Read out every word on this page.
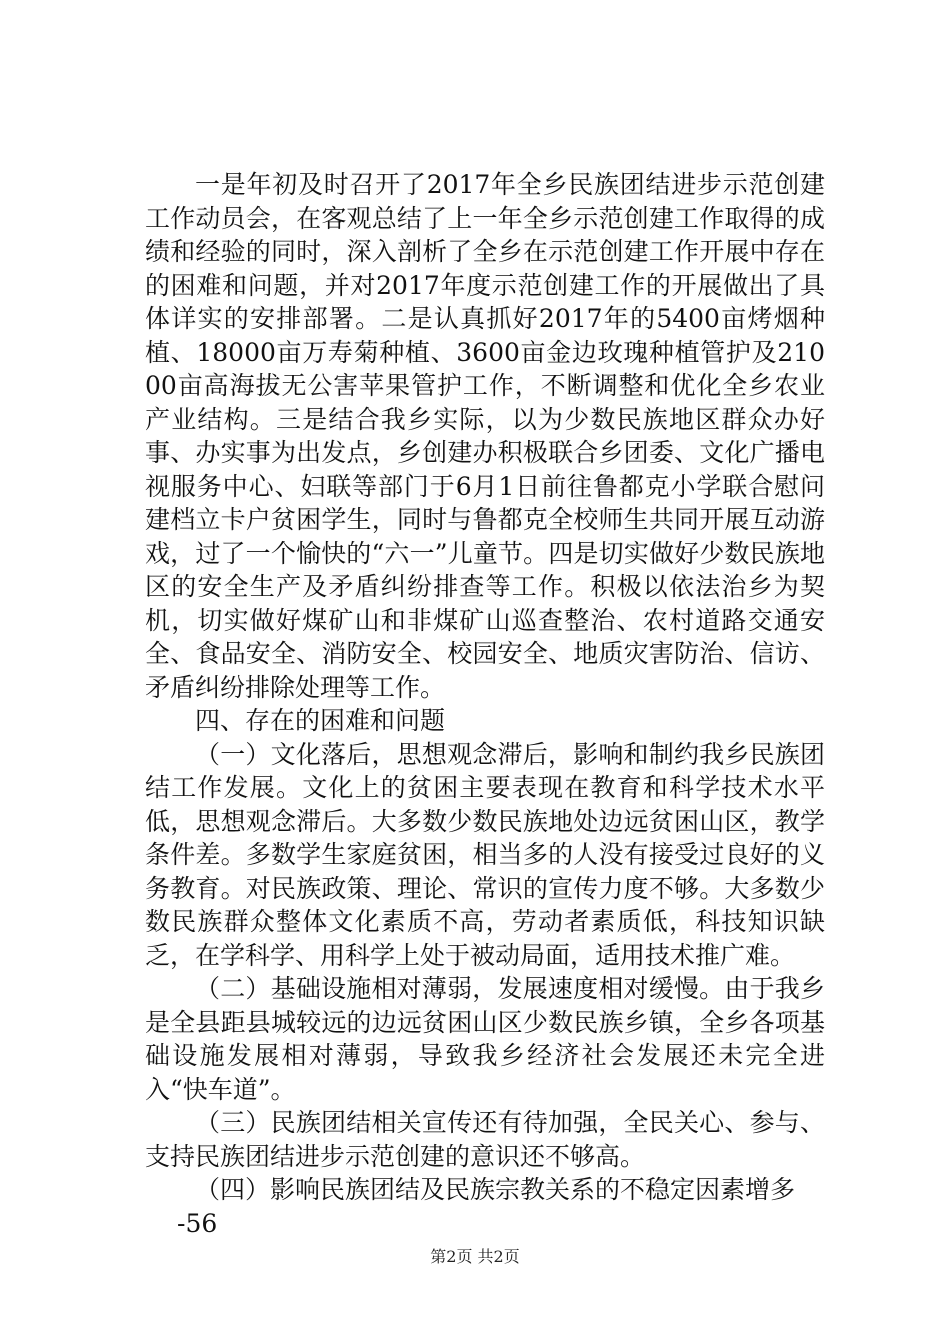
一是年初及时召开了2017年全乡民族团结进步示范创建工作动员会，在客观总结了上一年全乡示范创建工作取得的成绩和经验的同时，深入剖析了全乡在示范创建工作开展中存在的困难和问题，并对2017年度示范创建工作的开展做出了具体详实的安排部署。二是认真抓好2017年的5400亩烤烟种植、18000亩万寿菊种植、3600亩金边玫瑰种植管护及21000亩高海拔无公害苹果管护工作，不断调整和优化全乡农业产业结构。三是结合我乡实际，以为少数民族地区群众办好事、办实事为出发点，乡创建办积极联合乡团委、文化广播电视服务中心、妇联等部门于6月1日前往鲁都克小学联合慰问建档立卡户贫困学生，同时与鲁都克全校师生共同开展互动游戏，过了一个愉快的“六一”儿童节。四是切实做好少数民族地区的安全生产及矛盾纠纷排查等工作。积极以依法治乡为契机，切实做好煤矿山和非煤矿山巡查整治、农村道路交通安全、食品安全、消防安全、校园安全、地质灾害防治、信访、矛盾纠纷排除处理等工作。

四、存在的困难和问题

（一）文化落后，思想观念滞后，影响和制约我乡民族团结工作发展。文化上的贫困主要表现在教育和科学技术水平低，思想观念滞后。大多数少数民族地处边远贫困山区，教学条件差。多数学生家庭贫困，相当多的人没有接受过良好的义务教育。对民族政策、理论、常识的宣传力度不够。大多数少数民族群众整体文化素质不高，劳动者素质低，科技知识缺乏，在学科学、用科学上处于被动局面，适用技术推广难。

（二）基础设施相对薄弱，发展速度相对缓慢。由于我乡是全县距县城较远的边远贫困山区少数民族乡镇，全乡各项基础设施发展相对薄弱，导致我乡经济社会发展还未完全进入“快车道”。

（三）民族团结相关宣传还有待加强，全民关心、参与、支持民族团结进步示范创建的意识还不够高。

（四）影响民族团结及民族宗教关系的不稳定因素增多

-56

第2页 共2页
